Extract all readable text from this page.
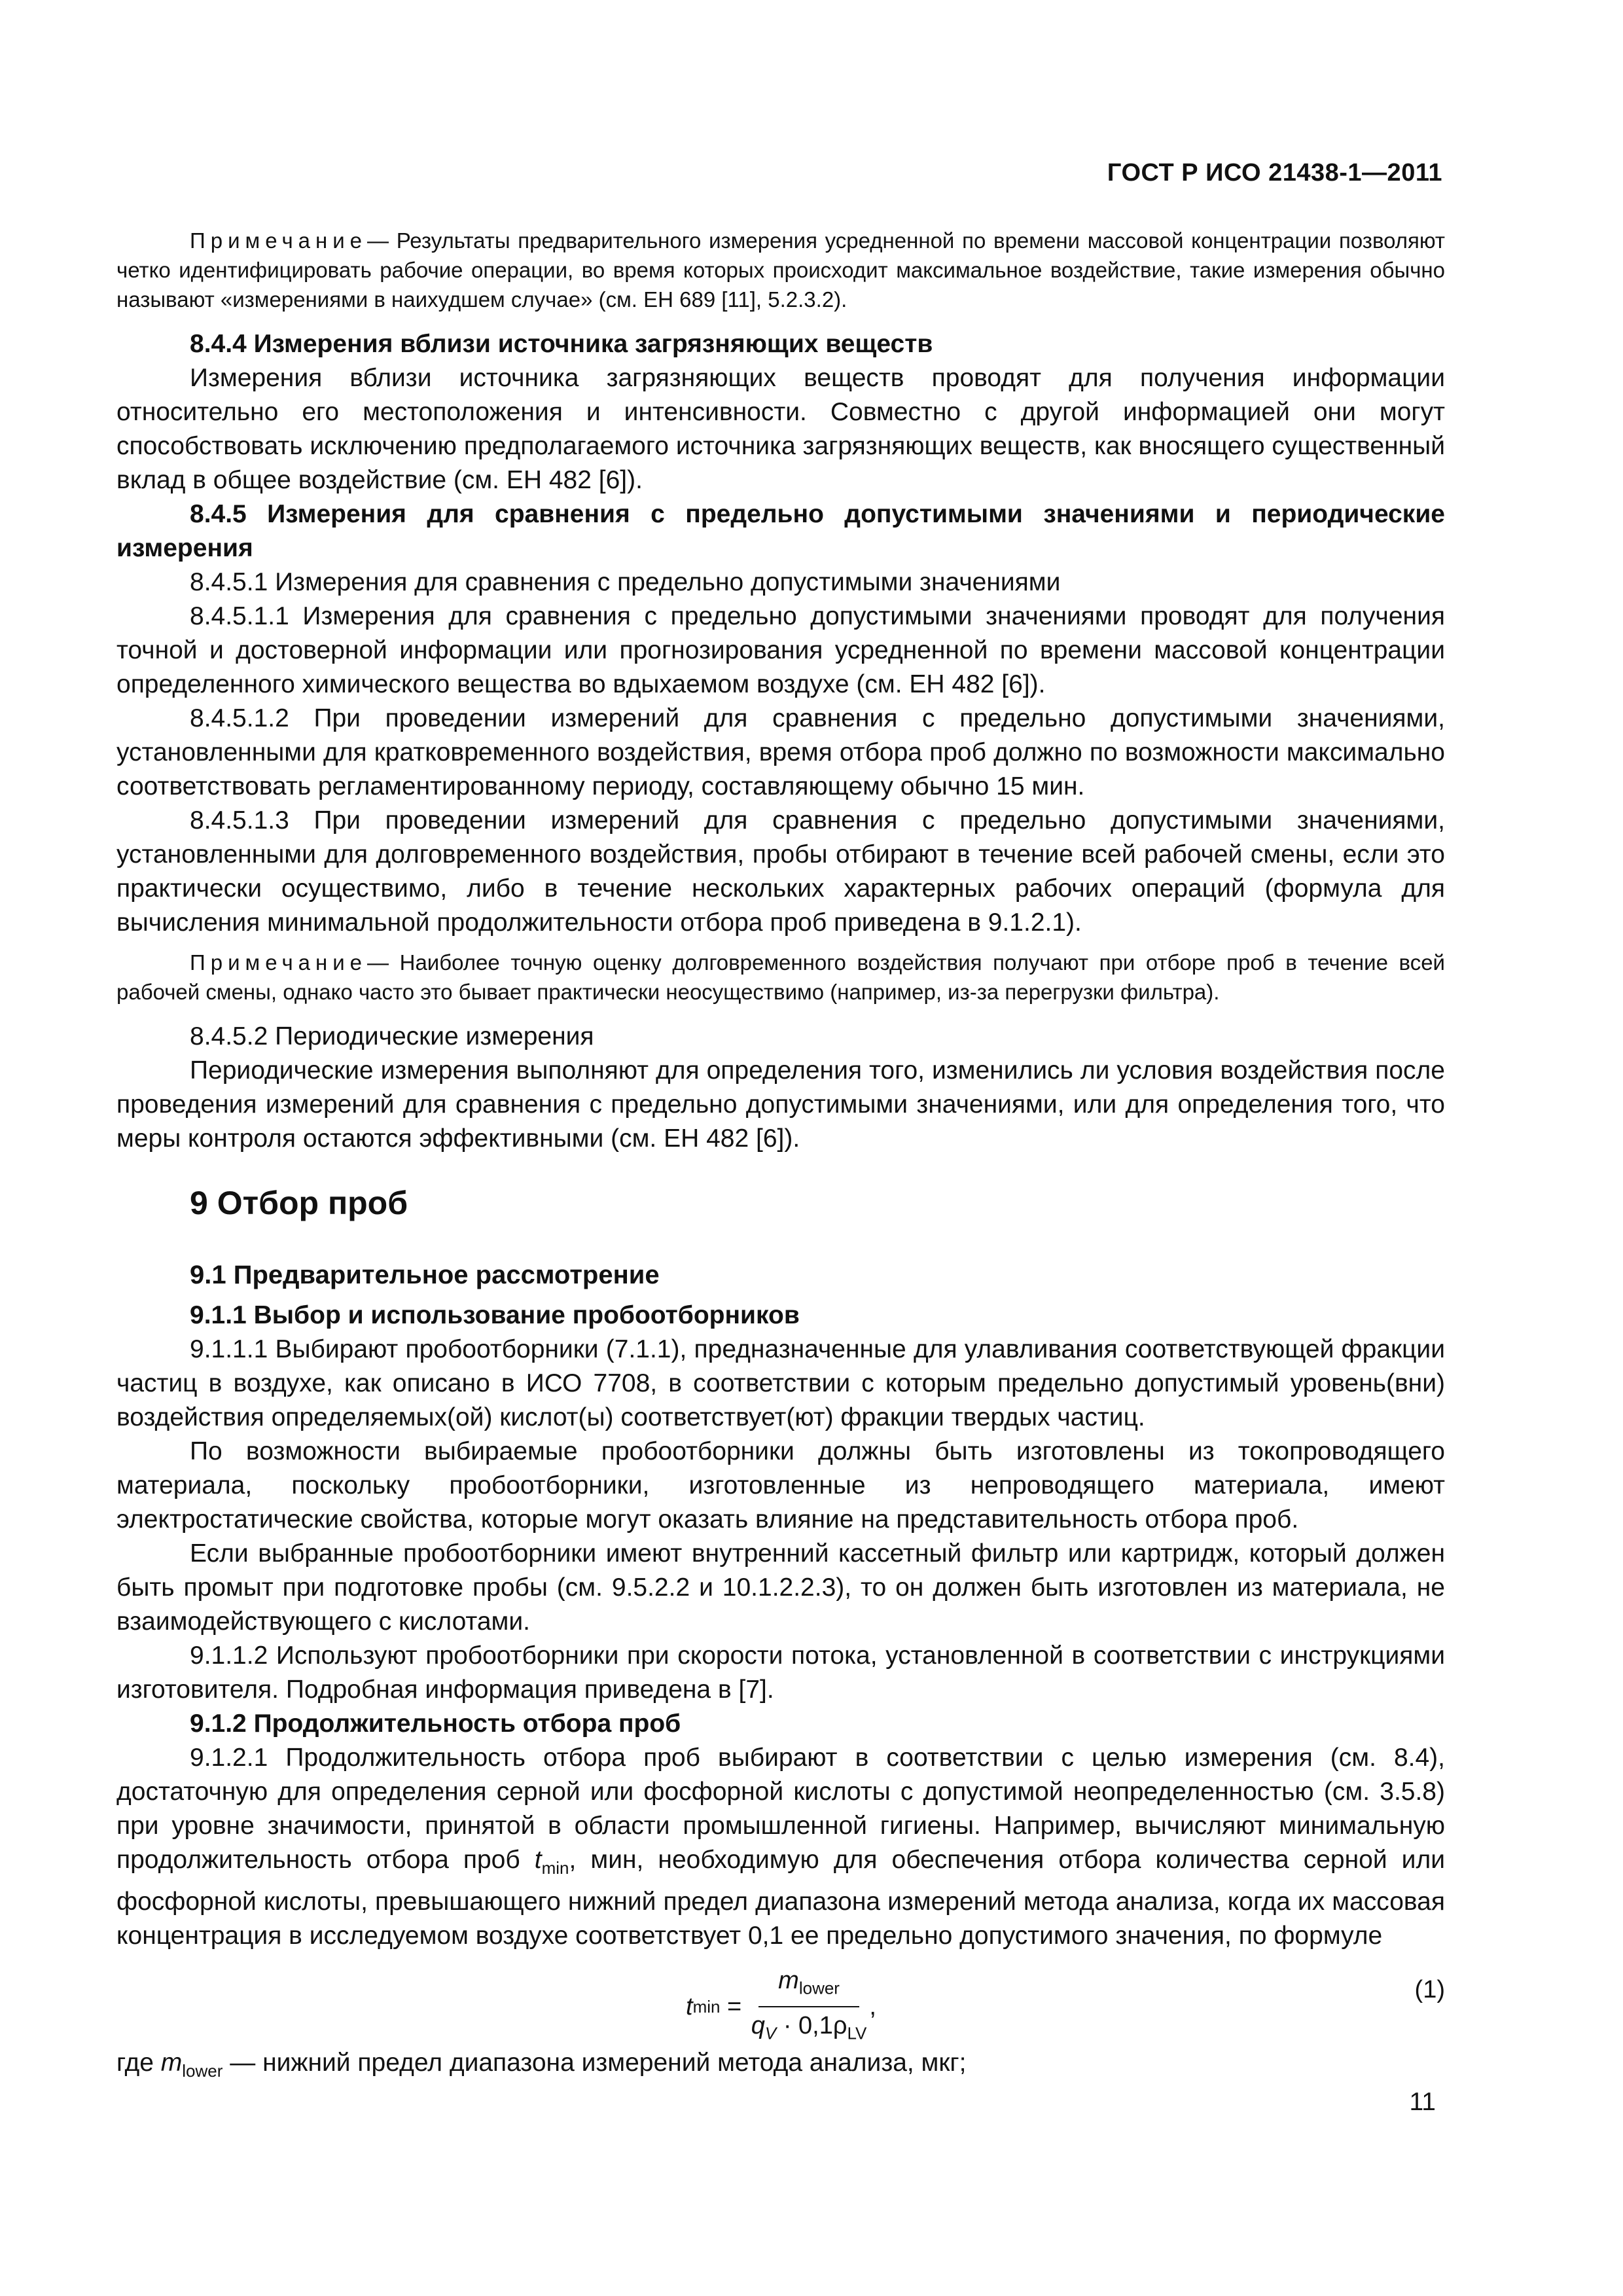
ГОСТ Р ИСО 21438-1—2011

Примечание— Результаты предварительного измерения усредненной по времени массовой концентрации позволяют четко идентифицировать рабочие операции, во время которых происходит максимальное воздействие, такие измерения обычно называют «измерениями в наихудшем случае» (см. ЕН 689 [11], 5.2.3.2).

8.4.4 Измерения вблизи источника загрязняющих веществ

Измерения вблизи источника загрязняющих веществ проводят для получения информации относительно его местоположения и интенсивности. Совместно с другой информацией они могут способствовать исключению предполагаемого источника загрязняющих веществ, как вносящего существенный вклад в общее воздействие (см. ЕН 482 [6]).

8.4.5 Измерения для сравнения с предельно допустимыми значениями и периодические измерения

8.4.5.1 Измерения для сравнения с предельно допустимыми значениями

8.4.5.1.1 Измерения для сравнения с предельно допустимыми значениями проводят для получения точной и достоверной информации или прогнозирования усредненной по времени массовой концентрации определенного химического вещества во вдыхаемом воздухе (см. ЕН 482 [6]).

8.4.5.1.2 При проведении измерений для сравнения с предельно допустимыми значениями, установленными для кратковременного воздействия, время отбора проб должно по возможности максимально соответствовать регламентированному периоду, составляющему обычно 15 мин.

8.4.5.1.3 При проведении измерений для сравнения с предельно допустимыми значениями, установленными для долговременного воздействия, пробы отбирают в течение всей рабочей смены, если это практически осуществимо, либо в течение нескольких характерных рабочих операций (формула для вычисления минимальной продолжительности отбора проб приведена в 9.1.2.1).

Примечание— Наиболее точную оценку долговременного воздействия получают при отборе проб в течение всей рабочей смены, однако часто это бывает практически неосуществимо (например, из-за перегрузки фильтра).

8.4.5.2 Периодические измерения

Периодические измерения выполняют для определения того, изменились ли условия воздействия после проведения измерений для сравнения с предельно допустимыми значениями, или для определения того, что меры контроля остаются эффективными (см. ЕН 482 [6]).

9 Отбор проб

9.1 Предварительное рассмотрение

9.1.1 Выбор и использование пробоотборников

9.1.1.1 Выбирают пробоотборники (7.1.1), предназначенные для улавливания соответствующей фракции частиц в воздухе, как описано в ИСО 7708, в соответствии с которым предельно допустимый уровень(вни) воздействия определяемых(ой) кислот(ы) соответствует(ют) фракции твердых частиц.

По возможности выбираемые пробоотборники должны быть изготовлены из токопроводящего материала, поскольку пробоотборники, изготовленные из непроводящего материала, имеют электростатические свойства, которые могут оказать влияние на представительность отбора проб.

Если выбранные пробоотборники имеют внутренний кассетный фильтр или картридж, который должен быть промыт при подготовке пробы (см. 9.5.2.2 и 10.1.2.2.3), то он должен быть изготовлен из материала, не взаимодействующего с кислотами.

9.1.1.2 Используют пробоотборники при скорости потока, установленной в соответствии с инструкциями изготовителя. Подробная информация приведена в [7].

9.1.2 Продолжительность отбора проб

9.1.2.1 Продолжительность отбора проб выбирают в соответствии с целью измерения (см. 8.4), достаточную для определения серной или фосфорной кислоты с допустимой неопределенностью (см. 3.5.8) при уровне значимости, принятой в области промышленной гигиены. Например, вычисляют минимальную продолжительность отбора проб $t_{min}$, мин, необходимую для обеспечения отбора количества серной или фосфорной кислоты, превышающего нижний предел диапазона измерений метода анализа, когда их массовая концентрация в исследуемом воздухе соответствует 0,1 ее предельно допустимого значения, по формуле

t $\min = \frac{m_{lower}}{q_V \cdot 0,1\rho_{LV}}$ ,
(1)

где $m_{lower}$ — нижний предел диапазона измерений метода анализа, мкг;

11
